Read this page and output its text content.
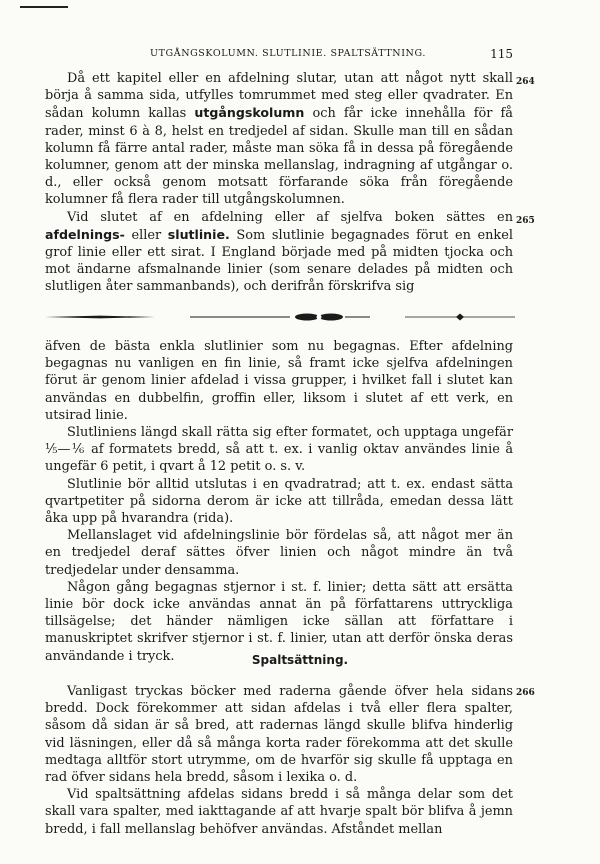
UTGÅNGSKOLUMN. SLUTLINIE. SPALTSÄTTNING.	115
264
265
266

Då ett kapitel eller en afdelning slutar, utan att något nytt skall börja å samma sida, utfylles tomrummet med steg eller qvadrater. En sådan kolumn kallas utgångskolumn och får icke innehålla för få rader, minst 6 à 8, helst en tredjedel af sidan. Skulle man till en sådan kolumn få färre antal rader, måste man söka få in dessa på föregående kolumner, genom att der minska mellanslag, indragning af utgångar o. d., eller också genom motsatt förfarande söka från föregående kolumner få flera rader till utgångskolumnen.

Vid slutet af en afdelning eller af sjelfva boken sättes en afdelnings- eller slutlinie. Som slutlinie begagnades förut en enkel grof linie eller ett sirat. I England började med på midten tjocka och mot ändarne afsmalnande linier (som senare delades på midten och slutligen åter sammanbands), och derifrån förskrifva sig

äfven de bästa enkla slutlinier som nu begagnas. Efter afdelning begagnas nu vanligen en fin linie, så framt icke sjelfva afdelningen förut är genom linier afdelad i vissa grupper, i hvilket fall i slutet kan användas en dubbelfin, groffin eller, liksom i slutet af ett verk, en utsirad linie.

Slutliniens längd skall rätta sig efter formatet, och upptaga ungefär ⅕—⅙ af formatets bredd, så att t. ex. i vanlig oktav användes linie å ungefär 6 petit, i qvart å 12 petit o. s. v.

Slutlinie bör alltid utslutas i en qvadratrad; att t. ex. endast sätta qvartpetiter på sidorna derom är icke att tillråda, emedan dessa lätt åka upp på hvarandra (rida).

Mellanslaget vid afdelningslinie bör fördelas så, att något mer än en tredjedel deraf sättes öfver linien och något mindre än två tredjedelar under densamma.

Någon gång begagnas stjernor i st. f. linier; detta sätt att ersätta linie bör dock icke användas annat än på författarens uttryckliga tillsägelse; det händer nämligen icke sällan att författare i manuskriptet skrifver stjernor i st. f. linier, utan att derför önska deras användande i tryck.	Spaltsättning.

Vanligast tryckas böcker med raderna gående öfver hela sidans bredd. Dock förekommer att sidan afdelas i två eller flera spalter, såsom då sidan är så bred, att radernas längd skulle blifva hinderlig vid läsningen, eller då så många korta rader förekomma att det skulle medtaga alltför stort utrymme, om de hvarför sig skulle få upptaga en rad öfver sidans hela bredd, såsom i lexika o. d.

Vid spaltsättning afdelas sidans bredd i så många delar som det skall vara spalter, med iakttagande af att hvarje spalt bör blifva å jemn bredd, i fall mellanslag behöfver användas. Afståndet mellan
